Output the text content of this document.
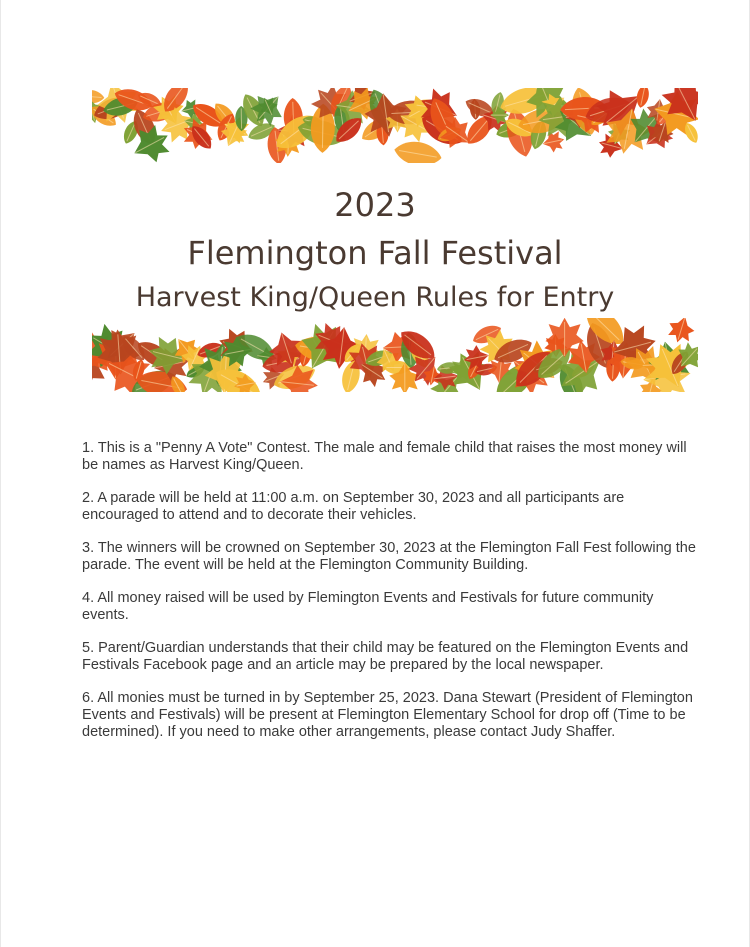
2023
Flemington Fall Festival
Harvest King/Queen Rules for Entry
1. This is a "Penny A Vote" Contest. The male and female child that raises the most money will be names as Harvest King/Queen.
2. A parade will be held at 11:00 a.m. on September 30, 2023 and all participants are encouraged to attend and to decorate their vehicles.
3. The winners will be crowned on September 30, 2023 at the Flemington Fall Fest following the parade. The event will be held at the Flemington Community Building.
4. All money raised will be used by Flemington Events and Festivals for future community events.
5. Parent/Guardian understands that their child may be featured on the Flemington Events and Festivals Facebook page and an article may be prepared by the local newspaper.
6. All monies must be turned in by September 25, 2023. Dana Stewart (President of Flemington Events and Festivals) will be present at Flemington Elementary School for drop off (Time to be determined). If you need to make other arrangements, please contact Judy Shaffer.
